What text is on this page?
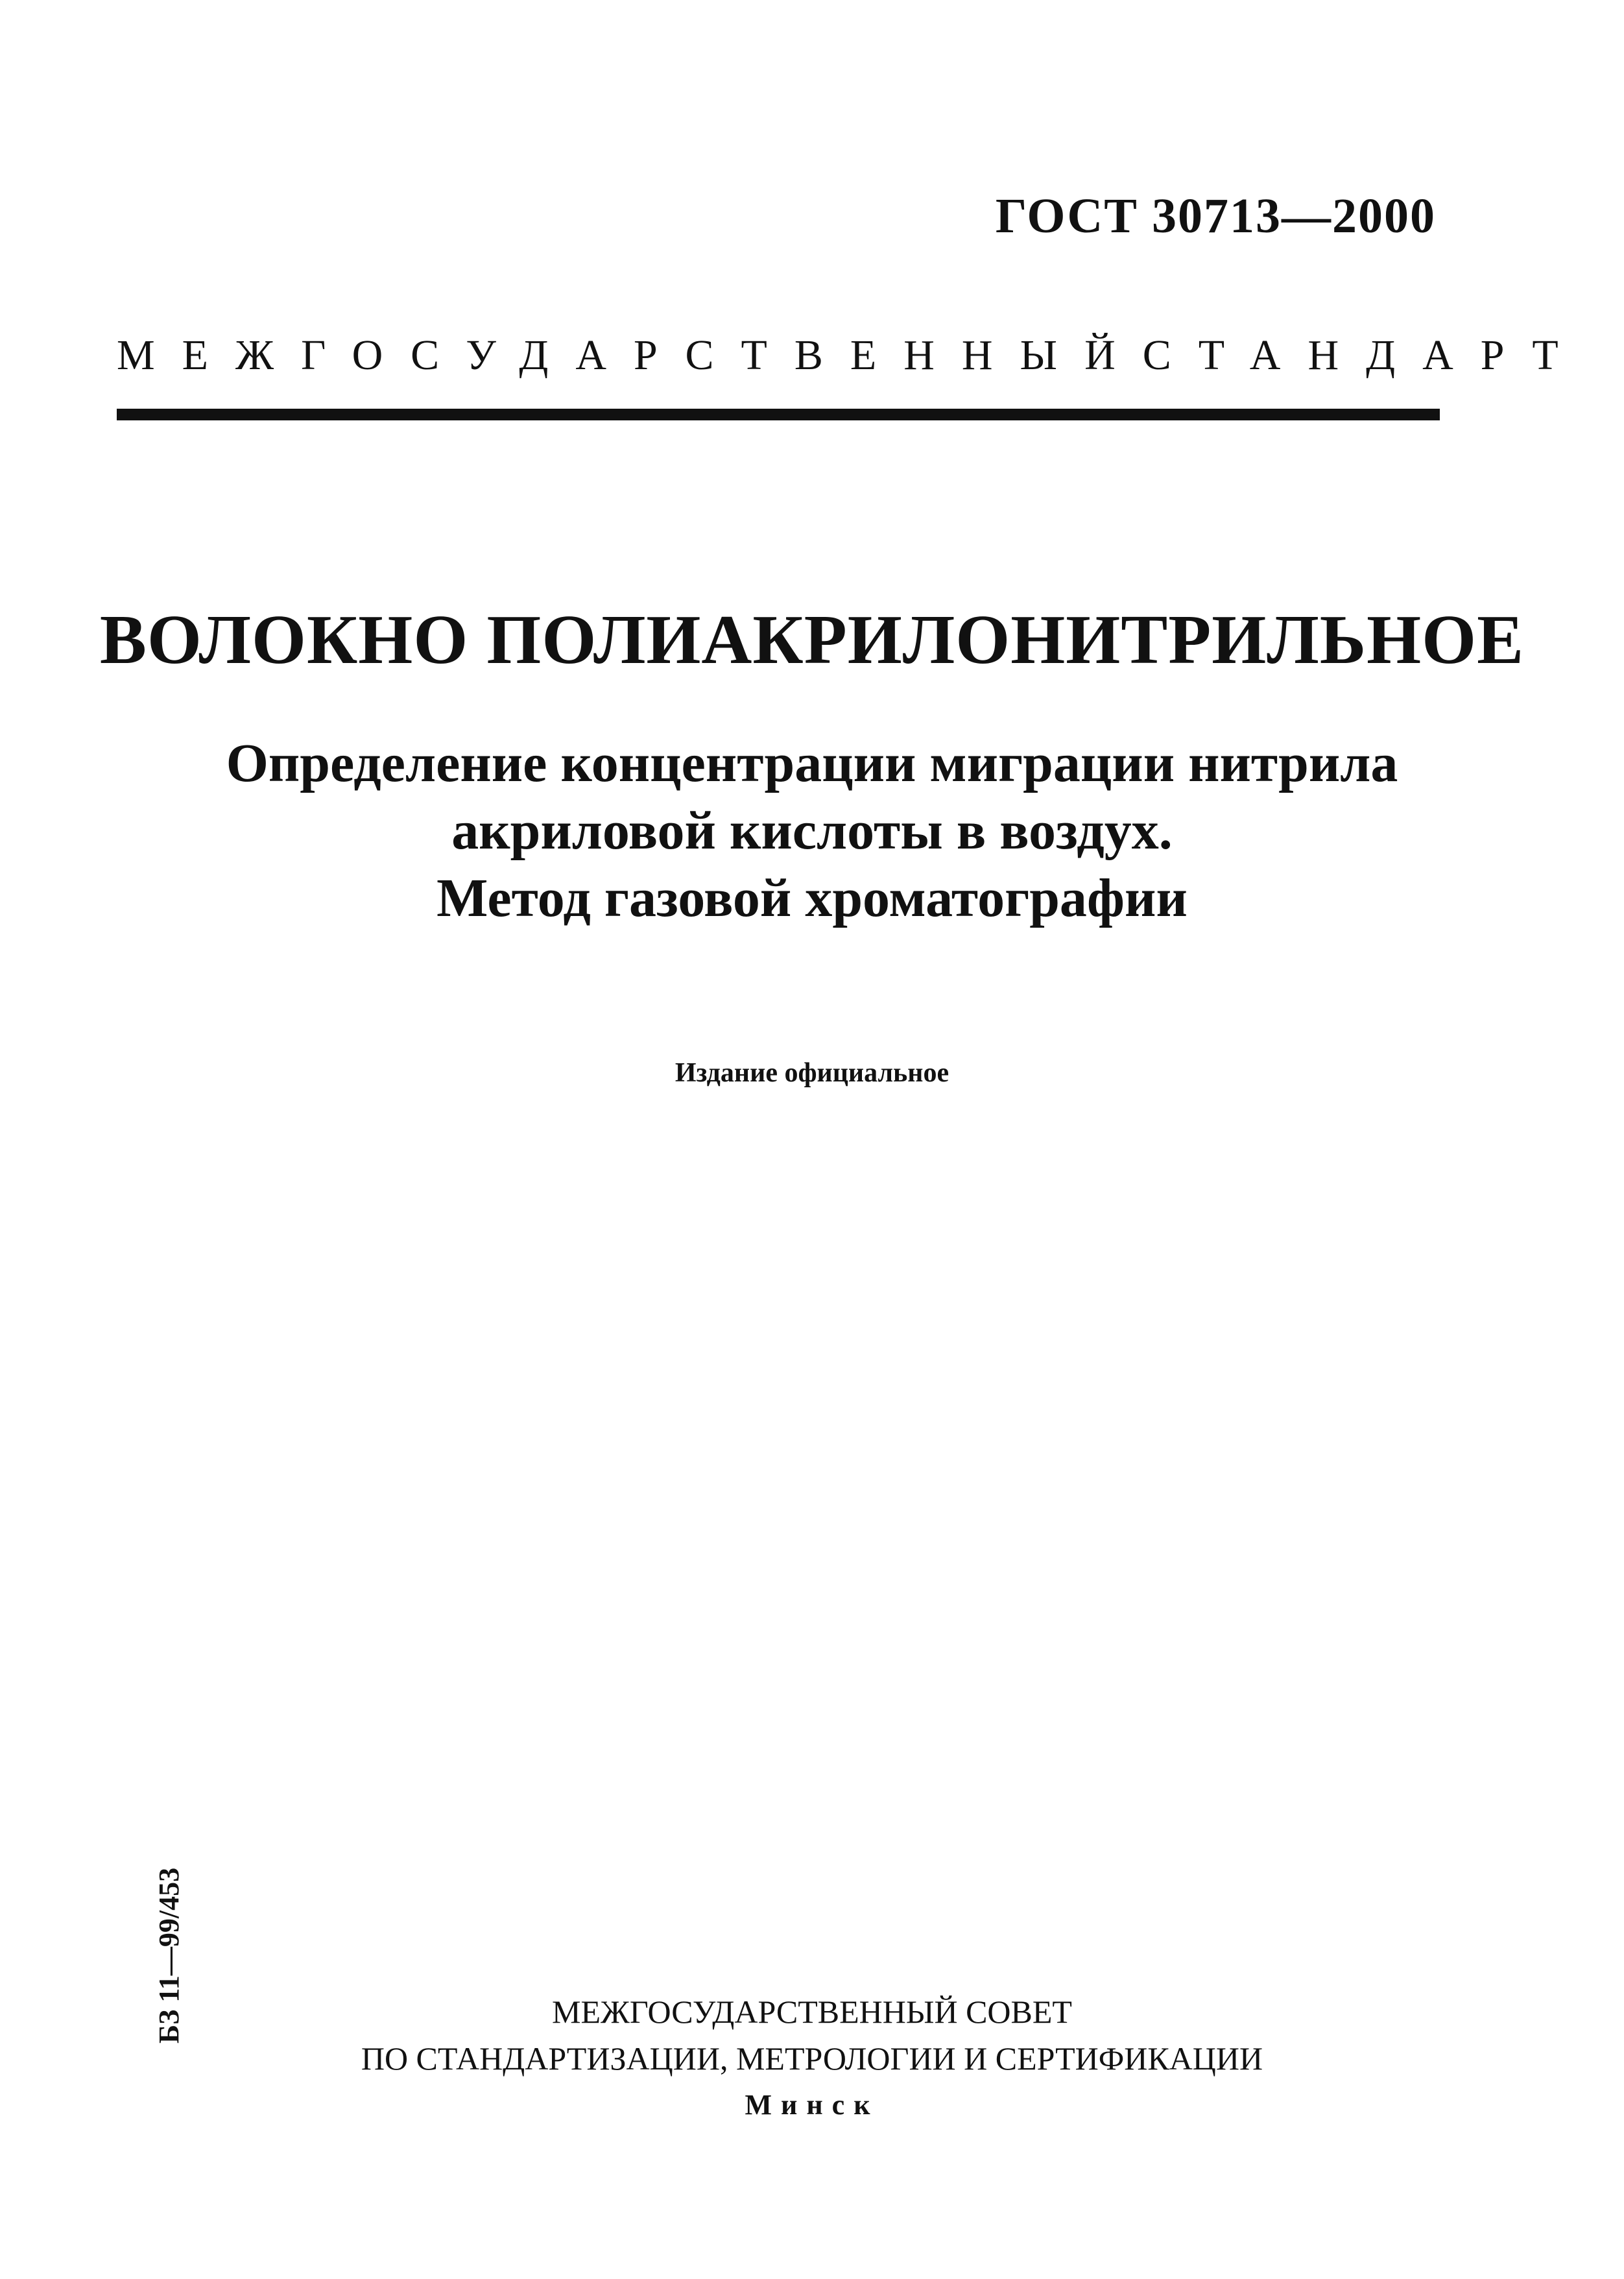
ГОСТ 30713—2000
МЕЖГОСУДАРСТВЕННЫЙ СТАНДАРТ
ВОЛОКНО ПОЛИАКРИЛОНИТРИЛЬНОЕ
Определение концентрации миграции нитрила
акриловой кислоты в воздух.
Метод газовой хроматографии
Издание официальное
БЗ 11—99/453	МЕЖГОСУДАРСТВЕННЫЙ СОВЕТ
ПО СТАНДАРТИЗАЦИИ, МЕТРОЛОГИИ И СЕРТИФИКАЦИИ
Минск
